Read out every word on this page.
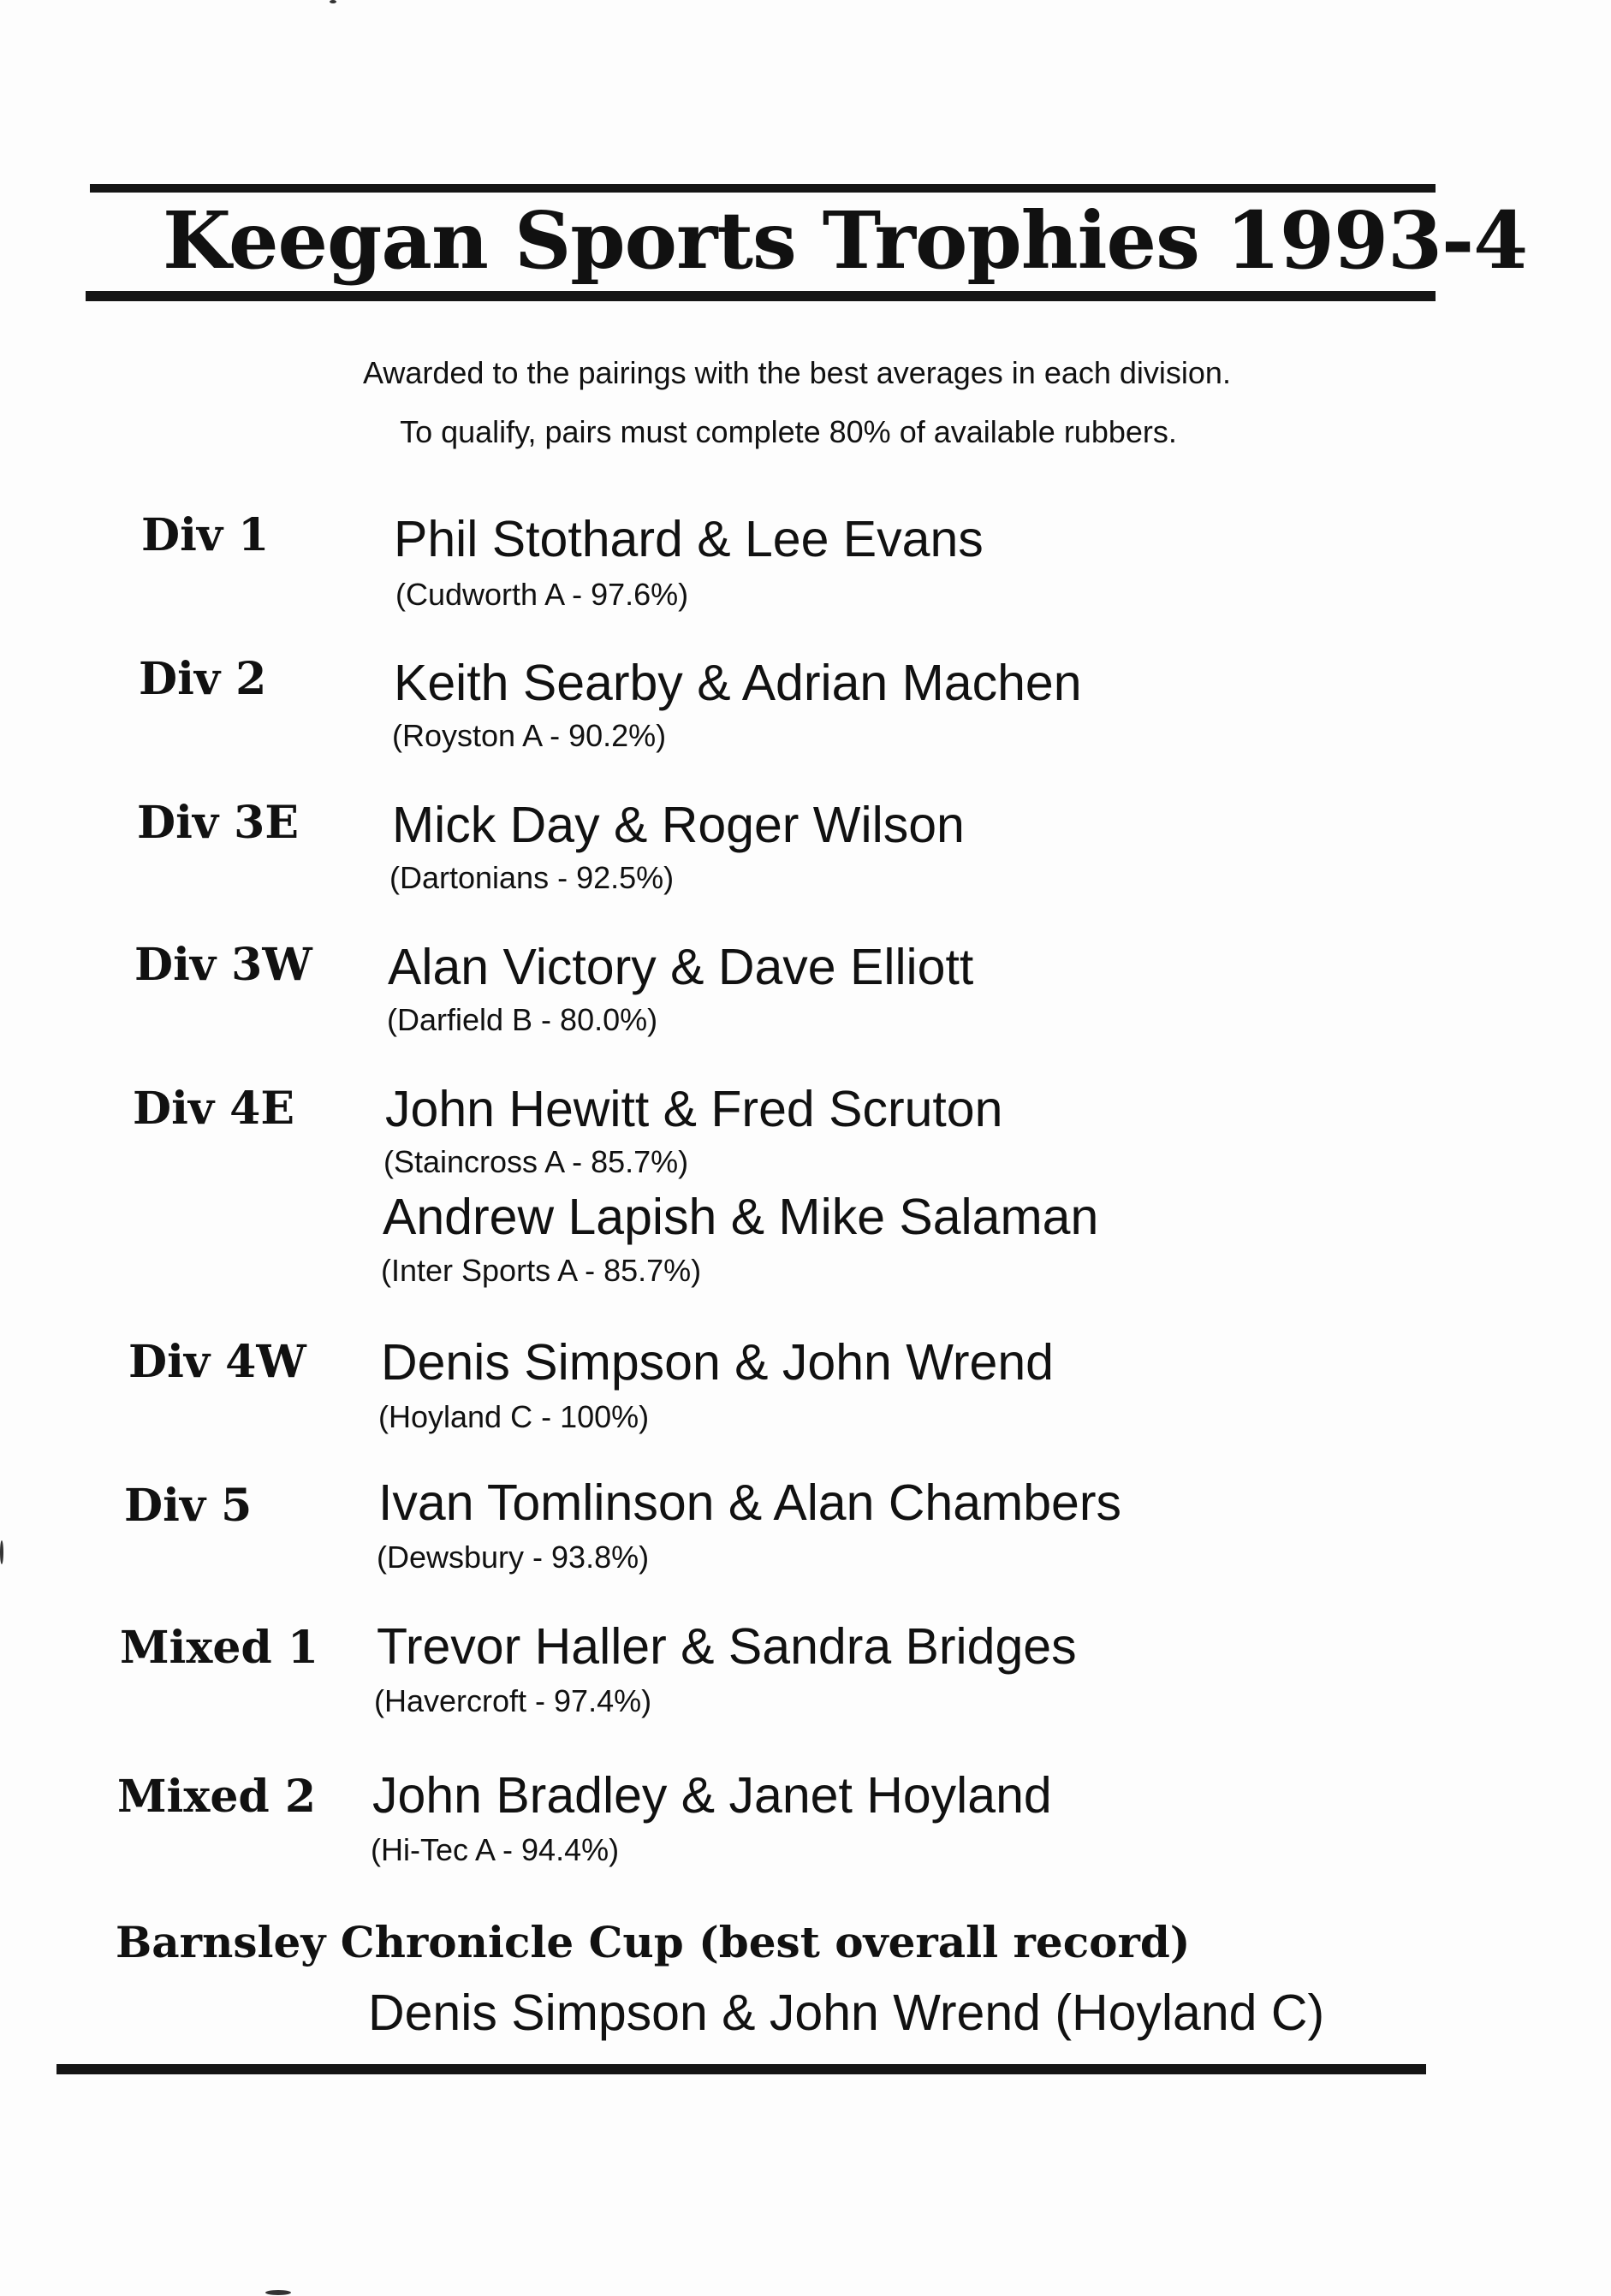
Keegan Sports Trophies 1993-4
Awarded to the pairings with the best averages in each division.
To qualify, pairs must complete 80% of available rubbers.
Div 1 Phil Stothard & Lee Evans
(Cudworth A - 97.6%)
Div 2	Keith Searby & Adrian Machen
(Royston A - 90.2%)
Div 3E Mick Day & Roger Wilson
(Dartonians - 92.5%)
Div 3W Alan Victory & Dave Elliott
(Darfield B - 80.0%)
Div 4E John Hewitt & Fred Scruton
(Staincross A - 85.7%)
Andrew Lapish & Mike Salaman
(Inter Sports A - 85.7%)
Div 4W Denis Simpson & John Wrend
(Hoyland C - 100%)
Div 5	Ivan Tomlinson & Alan Chambers
(Dewsbury - 93.8%)
Mixed 1 Trevor Haller & Sandra Bridges
(Havercroft - 97.4%)
Mixed 2 John Bradley & Janet Hoyland
(Hi-Tec A - 94.4%)
Barnsley Chronicle Cup (best overall record)
Denis Simpson & John Wrend (Hoyland C)
